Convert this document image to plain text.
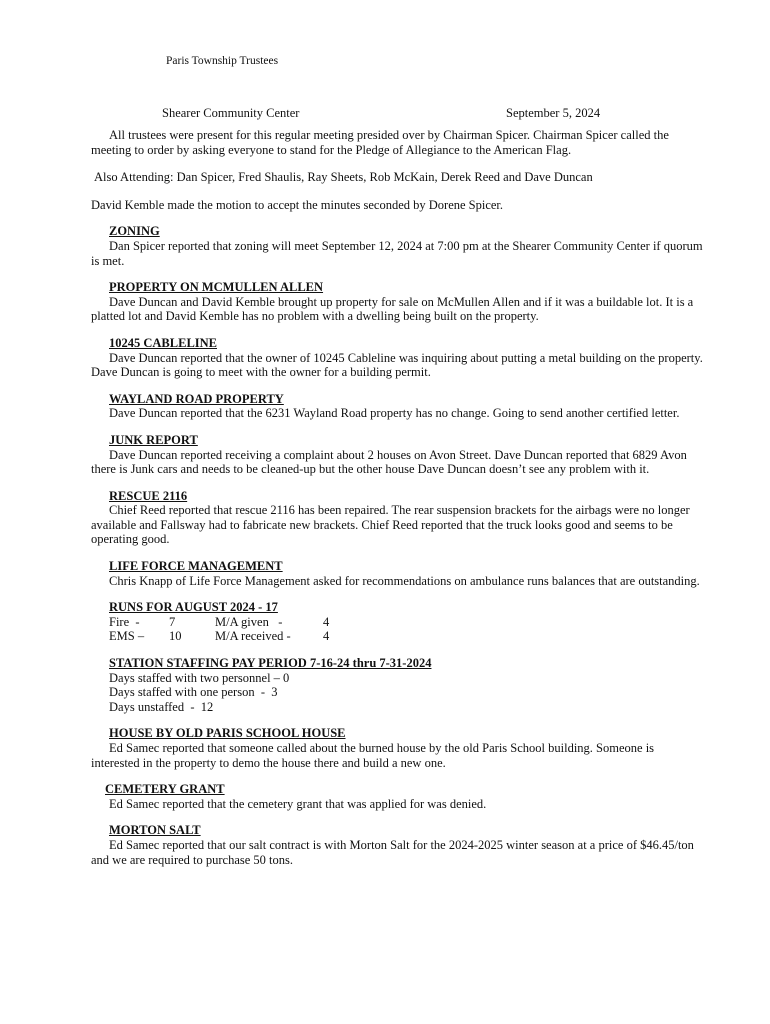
Paris Township Trustees
Shearer Community Center	September 5, 2024

All trustees were present for this regular meeting presided over by Chairman Spicer. Chairman Spicer called the meeting to order by asking everyone to stand for the Pledge of Allegiance to the American Flag.

Also Attending: Dan Spicer, Fred Shaulis, Ray Sheets, Rob McKain, Derek Reed and Dave Duncan

David Kemble made the motion to accept the minutes seconded by Dorene Spicer.

ZONING

Dan Spicer reported that zoning will meet September 12, 2024 at 7:00 pm at the Shearer Community Center if quorum is met.

PROPERTY ON MCMULLEN ALLEN

Dave Duncan and David Kemble brought up property for sale on McMullen Allen and if it was a buildable lot. It is a platted lot and David Kemble has no problem with a dwelling being built on the property.

10245 CABLELINE

Dave Duncan reported that the owner of 10245 Cableline was inquiring about putting a metal building on the property. Dave Duncan is going to meet with the owner for a building permit.

WAYLAND ROAD PROPERTY

Dave Duncan reported that the 6231 Wayland Road property has no change. Going to send another certified letter.

JUNK REPORT

Dave Duncan reported receiving a complaint about 2 houses on Avon Street. Dave Duncan reported that 6829 Avon there is Junk cars and needs to be cleaned-up but the other house Dave Duncan doesn’t see any problem with it.

RESCUE 2116

Chief Reed reported that rescue 2116 has been repaired. The rear suspension brackets for the airbags were no longer available and Fallsway had to fabricate new brackets. Chief Reed reported that the truck looks good and seems to be operating good.

LIFE FORCE MANAGEMENT

Chris Knapp of Life Force Management asked for recommendations on ambulance runs balances that are outstanding.

RUNS FOR AUGUST 2024 - 17
Fire  - 7	M/A given   -	4
EMS – 10	M/A received -	4
STATION STAFFING PAY PERIOD 7-16-24 thru 7-31-2024
Days staffed with two personnel – 0
Days staffed with one person  -  3
Days unstaffed  -  12
HOUSE BY OLD PARIS SCHOOL HOUSE

Ed Samec reported that someone called about the burned house by the old Paris School building. Someone is interested in the property to demo the house there and build a new one.

CEMETERY GRANT

Ed Samec reported that the cemetery grant that was applied for was denied.

MORTON SALT

Ed Samec reported that our salt contract is with Morton Salt for the 2024-2025 winter season at a price of $46.45/ton and we are required to purchase 50 tons.
